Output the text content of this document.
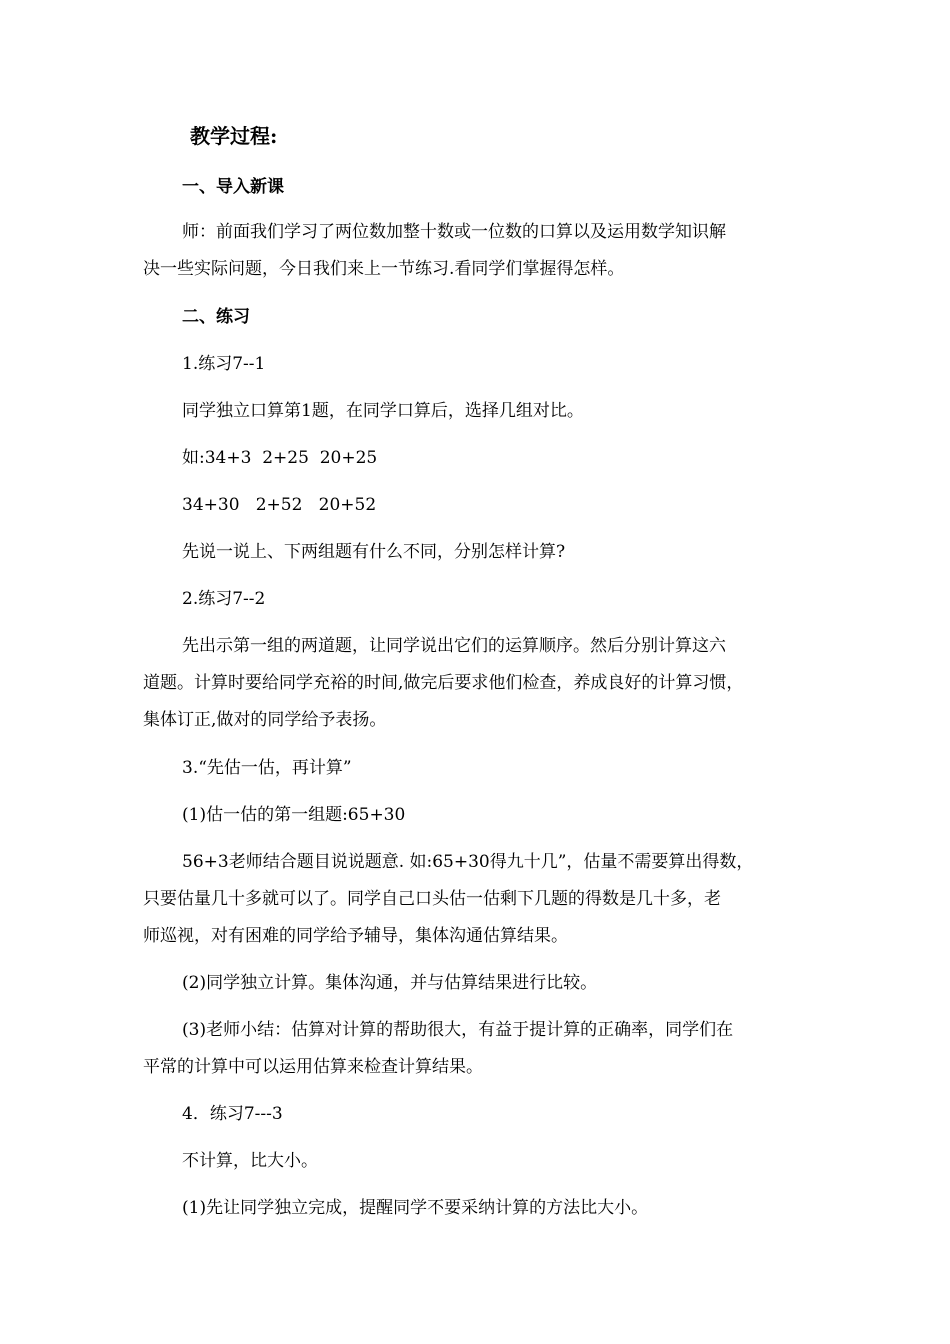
教学过程:

一、导入新课

师：前面我们学习了两位数加整十数或一位数的口算以及运用数学知识解

决一些实际问题，今日我们来上一节练习.看同学们掌握得怎样。

二、练习

1.练习7--1

同学独立口算第1题，在同学口算后，选择几组对比。

如:34+3  2+25  20+25

34+30   2+52   20+52

先说一说上、下两组题有什么不同，分别怎样计算?

2.练习7--2

先出示第一组的两道题，让同学说出它们的运算顺序。然后分别计算这六

道题。计算时要给同学充裕的时间,做完后要求他们检查，养成良好的计算习惯，

集体订正,做对的同学给予表扬。

3.“先估一估，再计算”

(1)估一估的第一组题:65+30

56+3老师结合题目说说题意. 如:65+30得九十几”，估量不需要算出得数，

只要估量几十多就可以了。同学自己口头估一估剩下几题的得数是几十多，老

师巡视，对有困难的同学给予辅导，集体沟通估算结果。

(2)同学独立计算。集体沟通，并与估算结果进行比较。

(3)老师小结：估算对计算的帮助很大，有益于提计算的正确率，同学们在

平常的计算中可以运用估算来检查计算结果。

4．练习7---3

不计算，比大小。

(1)先让同学独立完成，提醒同学不要采纳计算的方法比大小。
